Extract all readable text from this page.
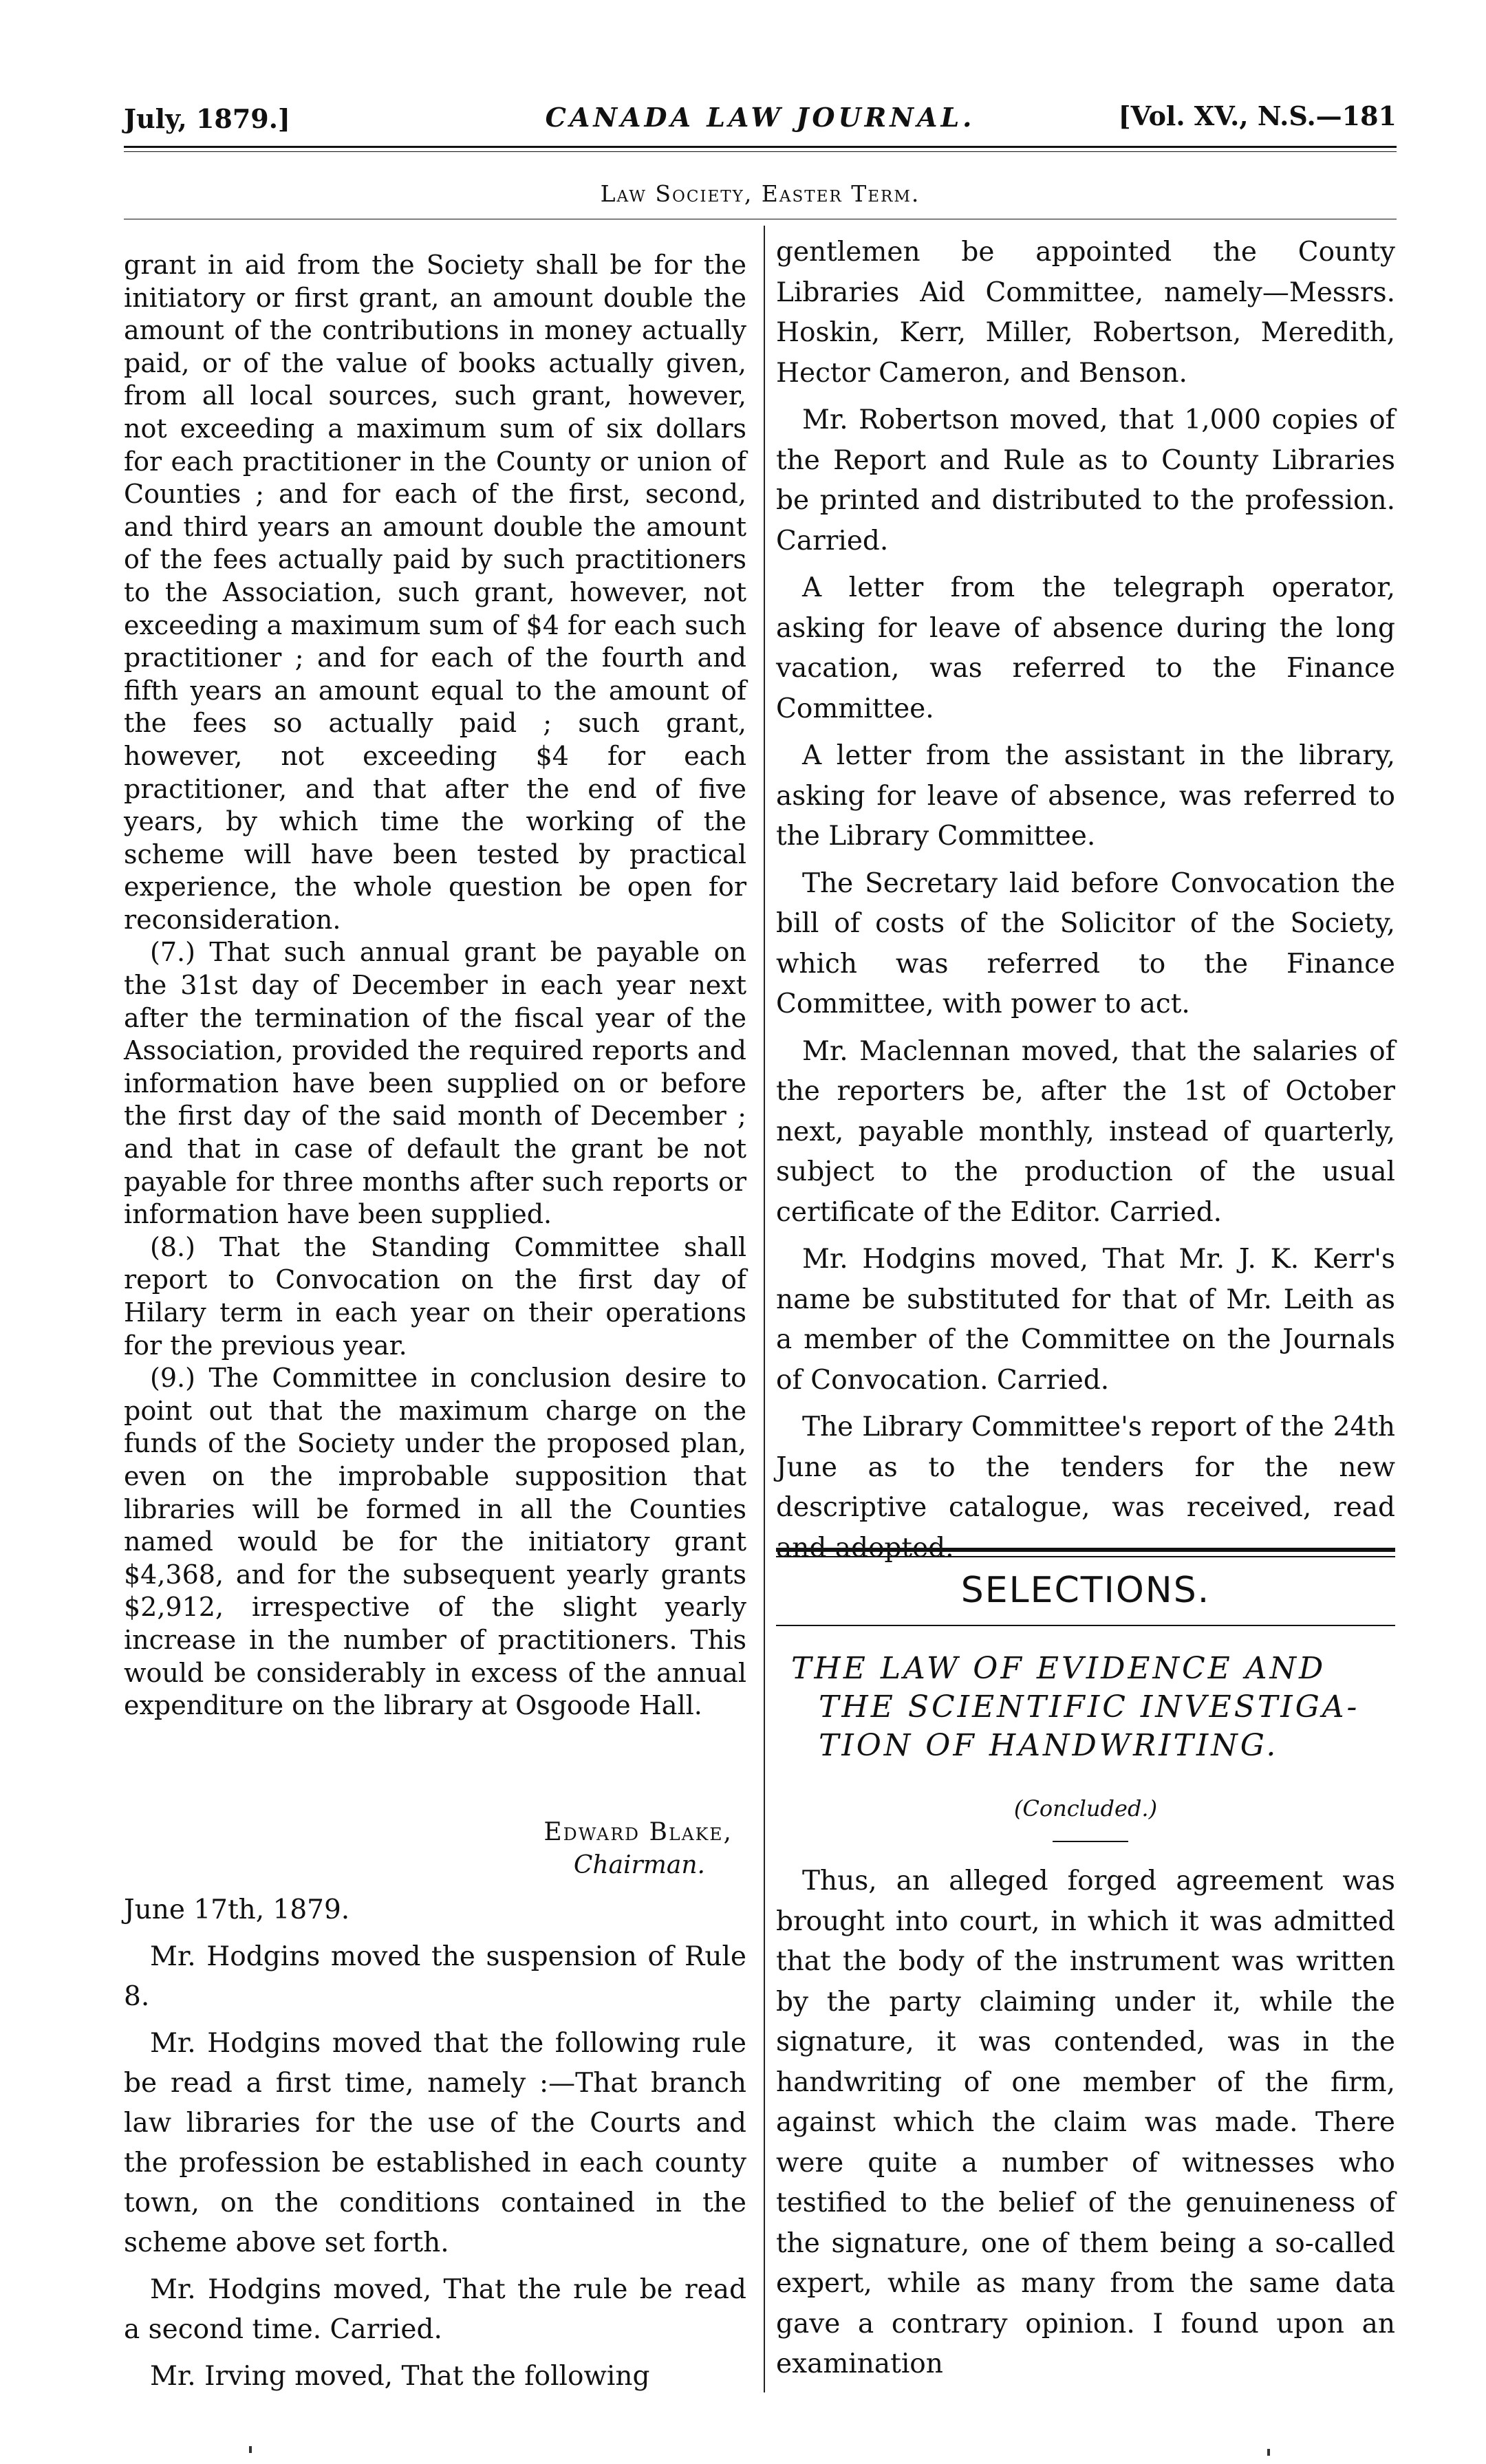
July, 1879.]	CANADA LAW JOURNAL.	[Vol. XV., N.S.—181
Law Society, Easter Term.

grant in aid from the Society shall be for the initiatory or first grant, an amount double the amount of the contributions in money actually paid, or of the value of books actually given, from all local sources, such grant, however, not exceeding a maximum sum of six dollars for each practitioner in the County or union of Counties ; and for each of the first, second, and third years an amount double the amount of the fees actually paid by such practitioners to the Association, such grant, however, not exceeding a maximum sum of $4 for each such practitioner ; and for each of the fourth and fifth years an amount equal to the amount of the fees so actually paid ; such grant, however, not exceeding $4 for each practitioner, and that after the end of five years, by which time the working of the scheme will have been tested by practical experience, the whole question be open for reconsideration.

(7.) That such annual grant be payable on the 31st day of December in each year next after the termination of the fiscal year of the Association, provided the required reports and information have been supplied on or before the first day of the said month of December ; and that in case of default the grant be not payable for three months after such reports or information have been supplied.

(8.) That the Standing Committee shall report to Convocation on the first day of Hilary term in each year on their operations for the previous year.

(9.) The Committee in conclusion desire to point out that the maximum charge on the funds of the Society under the proposed plan, even on the improbable supposition that libraries will be formed in all the Counties named would be for the initiatory grant $4,368, and for the subsequent yearly grants $2,912, irrespective of the slight yearly increase in the number of practitioners. This would be considerably in excess of the annual expenditure on the library at Osgoode Hall.

Edward Blake,
Chairman.

June 17th, 1879.

Mr. Hodgins moved the suspension of Rule 8.

Mr. Hodgins moved that the following rule be read a first time, namely :—That branch law libraries for the use of the Courts and the profession be established in each county town, on the conditions contained in the scheme above set forth.

Mr. Hodgins moved, That the rule be read a second time. Carried.

Mr. Irving moved, That the following

gentlemen be appointed the County Libraries Aid Committee, namely—Messrs. Hoskin, Kerr, Miller, Robertson, Meredith, Hector Cameron, and Benson.

Mr. Robertson moved, that 1,000 copies of the Report and Rule as to County Libraries be printed and distributed to the profession. Carried.

A letter from the telegraph operator, asking for leave of absence during the long vacation, was referred to the Finance Committee.

A letter from the assistant in the library, asking for leave of absence, was referred to the Library Committee.

The Secretary laid before Convocation the bill of costs of the Solicitor of the Society, which was referred to the Finance Committee, with power to act.

Mr. Maclennan moved, that the salaries of the reporters be, after the 1st of October next, payable monthly, instead of quarterly, subject to the production of the usual certificate of the Editor. Carried.

Mr. Hodgins moved, That Mr. J. K. Kerr's name be substituted for that of Mr. Leith as a member of the Committee on the Journals of Convocation. Carried.

The Library Committee's report of the 24th June as to the tenders for the new descriptive catalogue, was received, read and adopted.

SELECTIONS.
THE LAW OF EVIDENCE AND
THE SCIENTIFIC INVESTIGA-
TION OF HANDWRITING.
(Concluded.)

Thus, an alleged forged agreement was brought into court, in which it was admitted that the body of the instrument was written by the party claiming under it, while the signature, it was contended, was in the handwriting of one member of the firm, against which the claim was made. There were quite a number of witnesses who testified to the belief of the genuineness of the signature, one of them being a so-called expert, while as many from the same data gave a contrary opinion. I found upon an examination
